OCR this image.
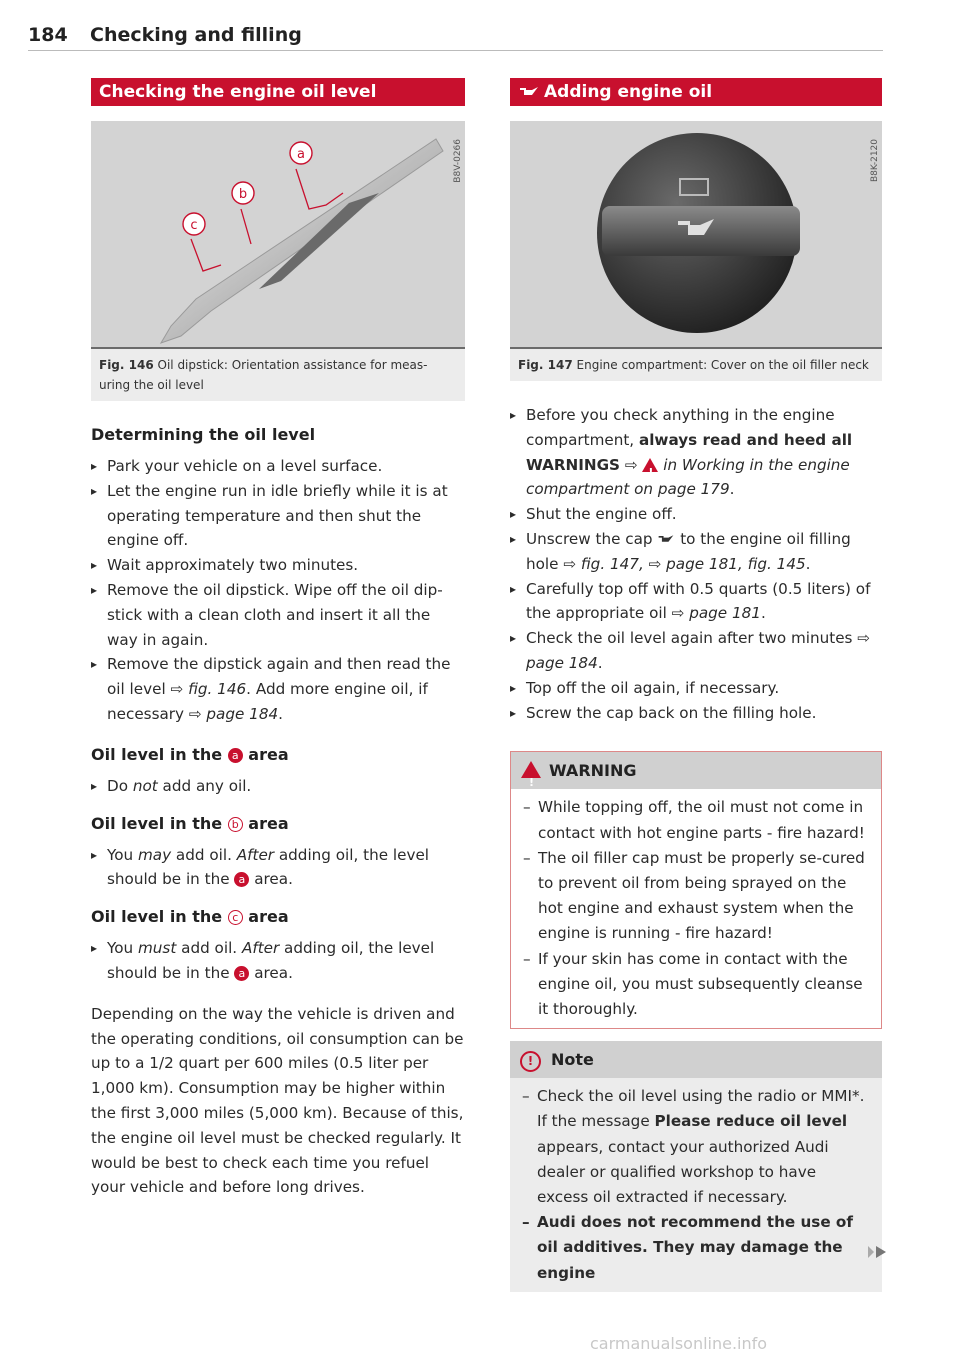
184 Checking and filling
Checking the engine oil level
a
b
c
B8V-0266
Fig. 146 Oil dipstick: Orientation assistance for meas-uring the oil level
Determining the oil level
▸ Park your vehicle on a level surface.
▸ Let the engine run in idle briefly while it is at operating temperature and then shut the engine off.
▸ Wait approximately two minutes.
▸ Remove the oil dipstick. Wipe off the oil dip-stick with a clean cloth and insert it all the way in again.
▸ Remove the dipstick again and then read the oil level ⇨ fig. 146. Add more engine oil, if necessary ⇨ page 184.
Oil level in the a area
▸ Do not add any oil.
Oil level in the b area
▸ You may add oil. After adding oil, the level should be in the a area.
Oil level in the c area
▸ You must add oil. After adding oil, the level should be in the a area.

Depending on the way the vehicle is driven and the operating conditions, oil consumption can be up to a 1/2 quart per 600 miles (0.5 liter per 1,000 km). Consumption may be higher within the first 3,000 miles (5,000 km). Because of this, the engine oil level must be checked regularly. It would be best to check each time you refuel your vehicle and before long drives.

Adding engine oil
B8K-2120
Fig. 147 Engine compartment: Cover on the oil filler neck
▸ Before you check anything in the engine compartment, always read and heed all WARNINGS ⇨ ! in Working in the engine compartment on page 179.
▸ Shut the engine off.
▸ Unscrew the cap  to the engine oil filling hole ⇨ fig. 147, ⇨ page 181, fig. 145.
▸ Carefully top off with 0.5 quarts (0.5 liters) of the appropriate oil ⇨ page 181.
▸ Check the oil level again after two minutes ⇨ page 184.
▸ Top off the oil again, if necessary.
▸ Screw the cap back on the filling hole.
!WARNING
– While topping off, the oil must not come in contact with hot engine parts - fire hazard!
– The oil filler cap must be properly se-cured to prevent oil from being sprayed on the hot engine and exhaust system when the engine is running - fire hazard!
– If your skin has come in contact with the engine oil, you must subsequently cleanse it thoroughly.
! Note
– Check the oil level using the radio or MMI*. If the message Please reduce oil level appears, contact your authorized Audi dealer or qualified workshop to have excess oil extracted if necessary.
– Audi does not recommend the use of oil additives. They may damage the engine
carmanualsonline.info
